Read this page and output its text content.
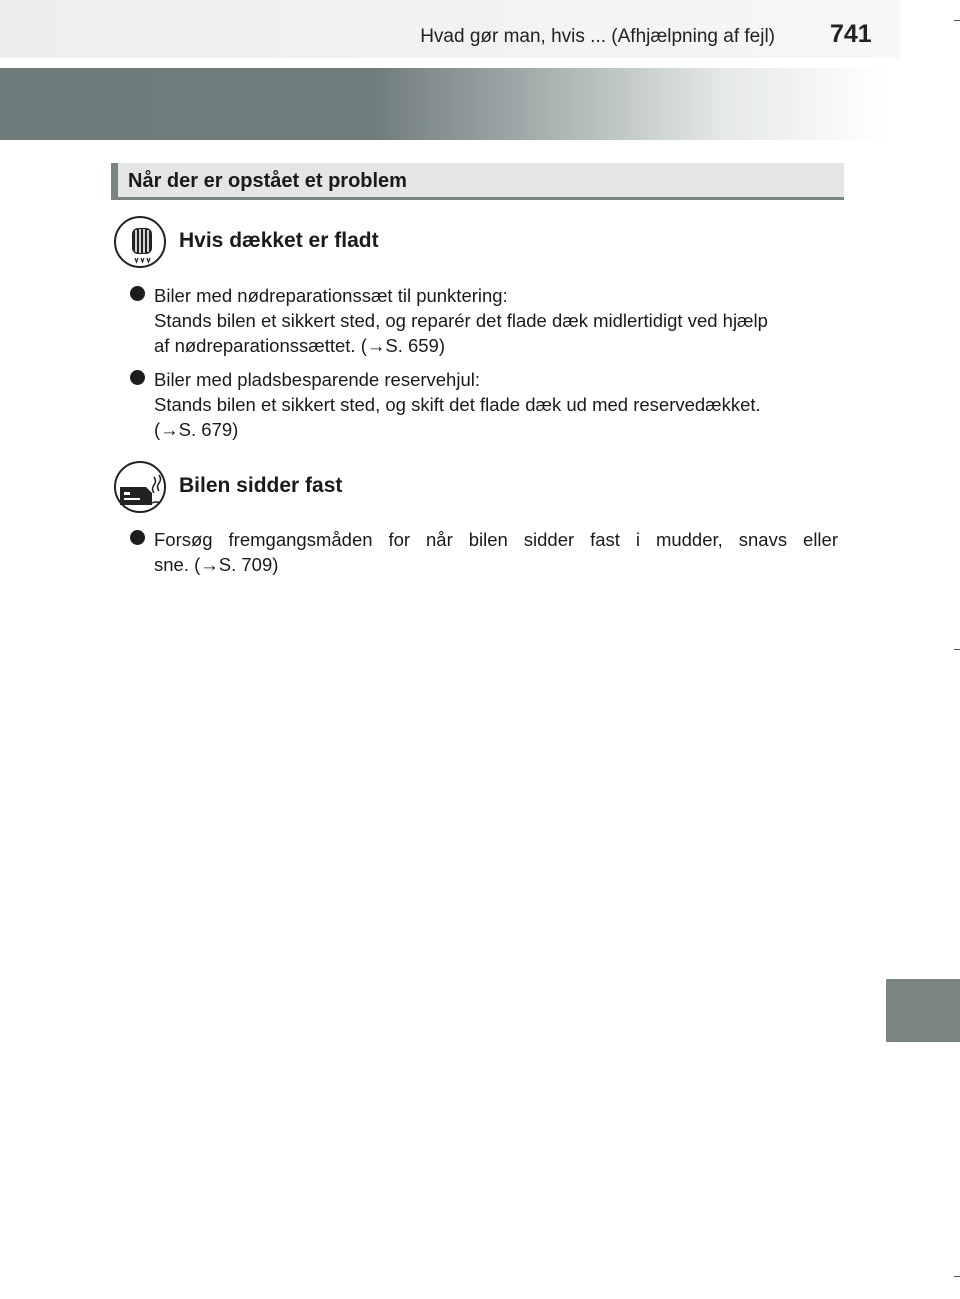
Hvad gør man, hvis ... (Afhjælpning af fejl) 741
Når der er opstået et problem
Hvis dækket er fladt
Biler med nødreparationssæt til punktering:
Stands bilen et sikkert sted, og reparér det flade dæk midlertidigt ved hjælp
af nødreparationssættet. (→S. 659)
Biler med pladsbesparende reservehjul:
Stands bilen et sikkert sted, og skift det flade dæk ud med reservedækket.
(→S. 679)
Bilen sidder fast
Forsøg fremgangsmåden for når bilen sidder fast i mudder, snavs eller
sne. (→S. 709)
